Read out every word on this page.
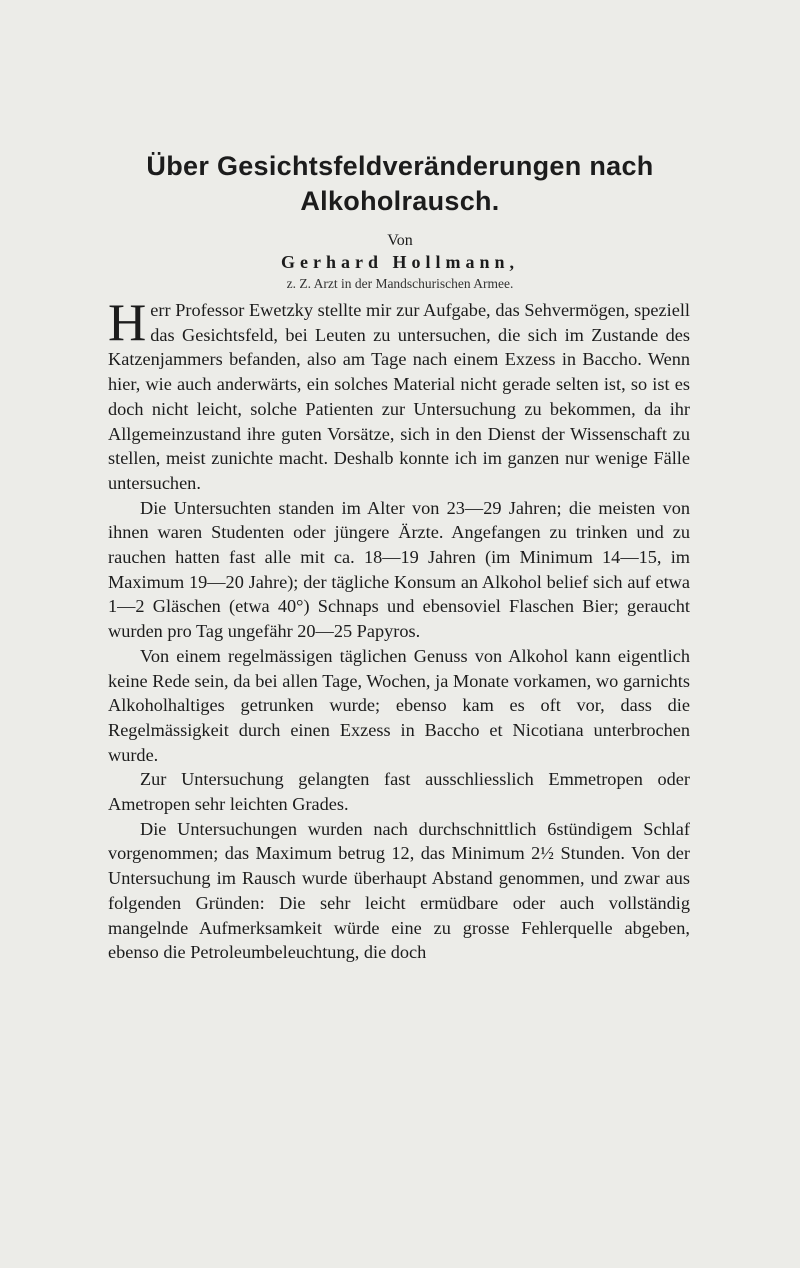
Über Gesichtsfeldveränderungen nach
Alkoholrausch.
Von
Gerhard Hollmann,
z. Z. Arzt in der Mandschurischen Armee.

Herr Professor Ewetzky stellte mir zur Aufgabe, das Sehvermögen, speziell das Gesichtsfeld, bei Leuten zu untersuchen, die sich im Zustande des Katzenjammers befanden, also am Tage nach einem Exzess in Baccho. Wenn hier, wie auch anderwärts, ein solches Material nicht gerade selten ist, so ist es doch nicht leicht, solche Patienten zur Untersuchung zu bekommen, da ihr Allgemeinzustand ihre guten Vorsätze, sich in den Dienst der Wissenschaft zu stellen, meist zunichte macht. Deshalb konnte ich im ganzen nur wenige Fälle untersuchen.

Die Untersuchten standen im Alter von 23—29 Jahren; die meisten von ihnen waren Studenten oder jüngere Ärzte. Angefangen zu trinken und zu rauchen hatten fast alle mit ca. 18—19 Jahren (im Minimum 14—15, im Maximum 19—20 Jahre); der tägliche Konsum an Alkohol belief sich auf etwa 1—2 Gläschen (etwa 40°) Schnaps und ebensoviel Flaschen Bier; geraucht wurden pro Tag ungefähr 20—25 Papyros.

Von einem regelmässigen täglichen Genuss von Alkohol kann eigentlich keine Rede sein, da bei allen Tage, Wochen, ja Monate vorkamen, wo garnichts Alkoholhaltiges getrunken wurde; ebenso kam es oft vor, dass die Regelmässigkeit durch einen Exzess in Baccho et Nicotiana unterbrochen wurde.

Zur Untersuchung gelangten fast ausschliesslich Emmetropen oder Ametropen sehr leichten Grades.

Die Untersuchungen wurden nach durchschnittlich 6stündigem Schlaf vorgenommen; das Maximum betrug 12, das Minimum 2½ Stunden. Von der Untersuchung im Rausch wurde überhaupt Abstand genommen, und zwar aus folgenden Gründen: Die sehr leicht ermüdbare oder auch vollständig mangelnde Aufmerksamkeit würde eine zu grosse Fehlerquelle abgeben, ebenso die Petroleumbeleuchtung, die doch
